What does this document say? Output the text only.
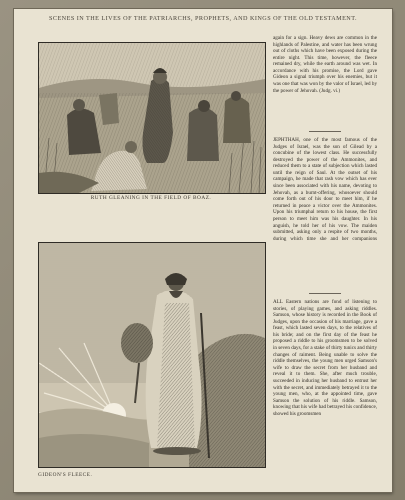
SCENES IN THE LIVES OF THE PATRIARCHS, PROPHETS, AND KINGS OF THE OLD TESTAMENT.
RUTH GLEANING IN THE FIELD OF BOAZ.
GIDEON'S FLEECE.
again for a sign. Heavy dews are common in the highlands of Palestine, and water has been wrung out of cloths which have been exposed during the entire night. This time, however, the fleece remained dry, while the earth around was wet. In accordance with his promise, the Lord gave Gideon a signal triumph over his enemies, but it was one that was won by the valor of Israel, led by the power of Jehovah. (Judg. vi.)
JEPHTHAH, one of the most famous of the Judges of Israel, was the son of Gilead by a concubine of the lowest class. He successfully destroyed the power of the Ammonites, and reduced them to a state of subjection which lasted until the reign of Saul. At the outset of his campaign, he made that rash vow which has ever since been associated with his name, devoting to Jehovah, as a burnt-offering, whosoever should come forth out of his door to meet him, if he returned in peace a victor over the Ammonites. Upon his triumphal return to his house, the first person to meet him was his daughter. In his anguish, he told her of his vow. The maiden submitted, asking only a respite of two months, during which time she and her companions
ALL Eastern nations are fond of listening to stories, of playing games, and asking riddles. Samson, whose history is recorded in the Book of Judges, upon the occasion of his marriage, gave a feast, which lasted seven days, to the relatives of his bride; and on the first day of the feast he proposed a riddle to his groomsmen to be solved in seven days, for a stake of thirty tunics and thirty changes of raiment. Being unable to solve the riddle themselves, the young men urged Samson's wife to draw the secret from her husband and reveal it to them. She, after much trouble, succeeded in inducing her husband to entrust her with the secret, and immediately betrayed it to the young men, who, at the appointed time, gave Samson the solution of his riddle. Samson, knowing that his wife had betrayed his confidence, showed his groomsmen
